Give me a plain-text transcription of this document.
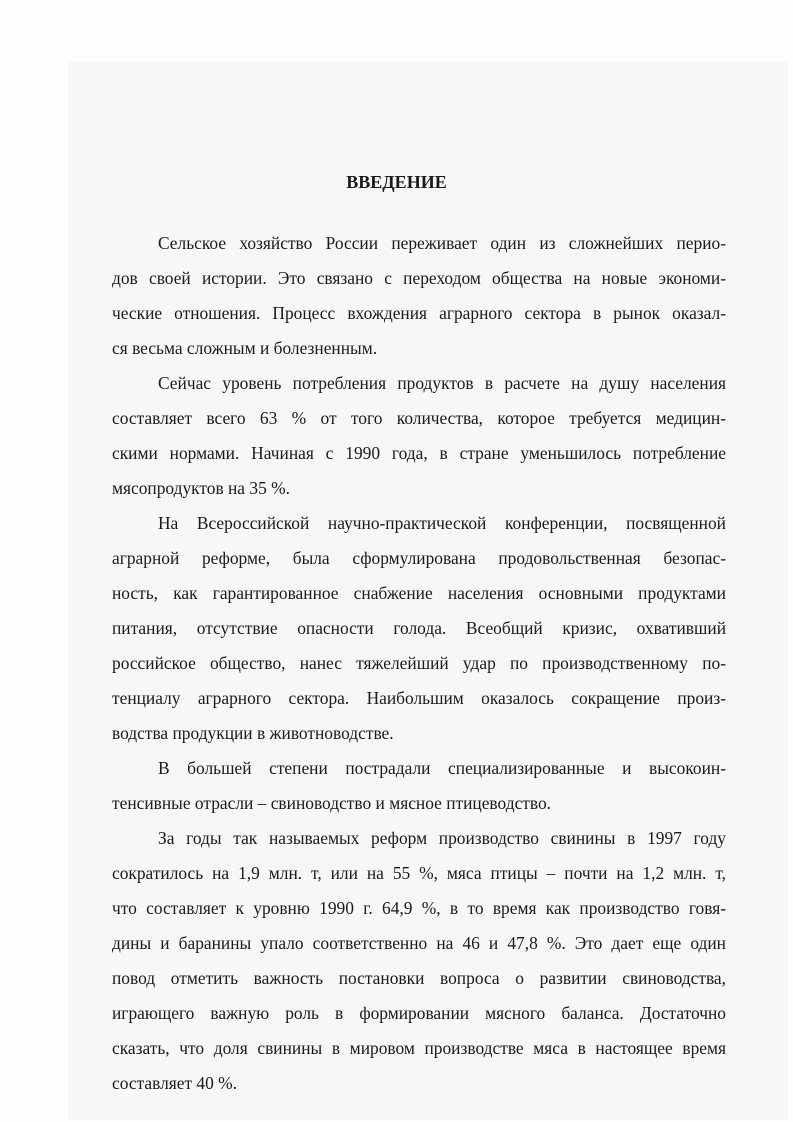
ВВЕДЕНИЕ
Сельское хозяйство России переживает один из сложнейших перио-
дов своей истории. Это связано с переходом общества на новые экономи-
ческие отношения. Процесс вхождения аграрного сектора в рынок оказал-
ся весьма сложным и болезненным.
Сейчас уровень потребления продуктов в расчете на душу населения
составляет всего 63 % от того количества, которое требуется медицин-
скими нормами. Начиная с 1990 года, в стране уменьшилось потребление
мясопродуктов на 35 %.
На Всероссийской научно-практической конференции, посвященной
аграрной реформе, была сформулирована продовольственная безопас-
ность, как гарантированное снабжение населения основными продуктами
питания, отсутствие опасности голода. Всеобщий кризис, охвативший
российское общество, нанес тяжелейший удар по производственному по-
тенциалу аграрного сектора. Наибольшим оказалось сокращение произ-
водства продукции в животноводстве.
В большей степени пострадали специализированные и высокоин-
тенсивные отрасли – свиноводство и мясное птицеводство.
За годы так называемых реформ производство свинины в 1997 году
сократилось на 1,9 млн. т, или на 55 %, мяса птицы – почти на 1,2 млн. т,
что составляет к уровню 1990 г. 64,9 %, в то время как производство говя-
дины и баранины упало соответственно на 46 и 47,8 %. Это дает еще один
повод отметить важность постановки вопроса о развитии свиноводства,
играющего важную роль в формировании мясного баланса. Достаточно
сказать, что доля свинины в мировом производстве мяса в настоящее время
составляет 40 %.
